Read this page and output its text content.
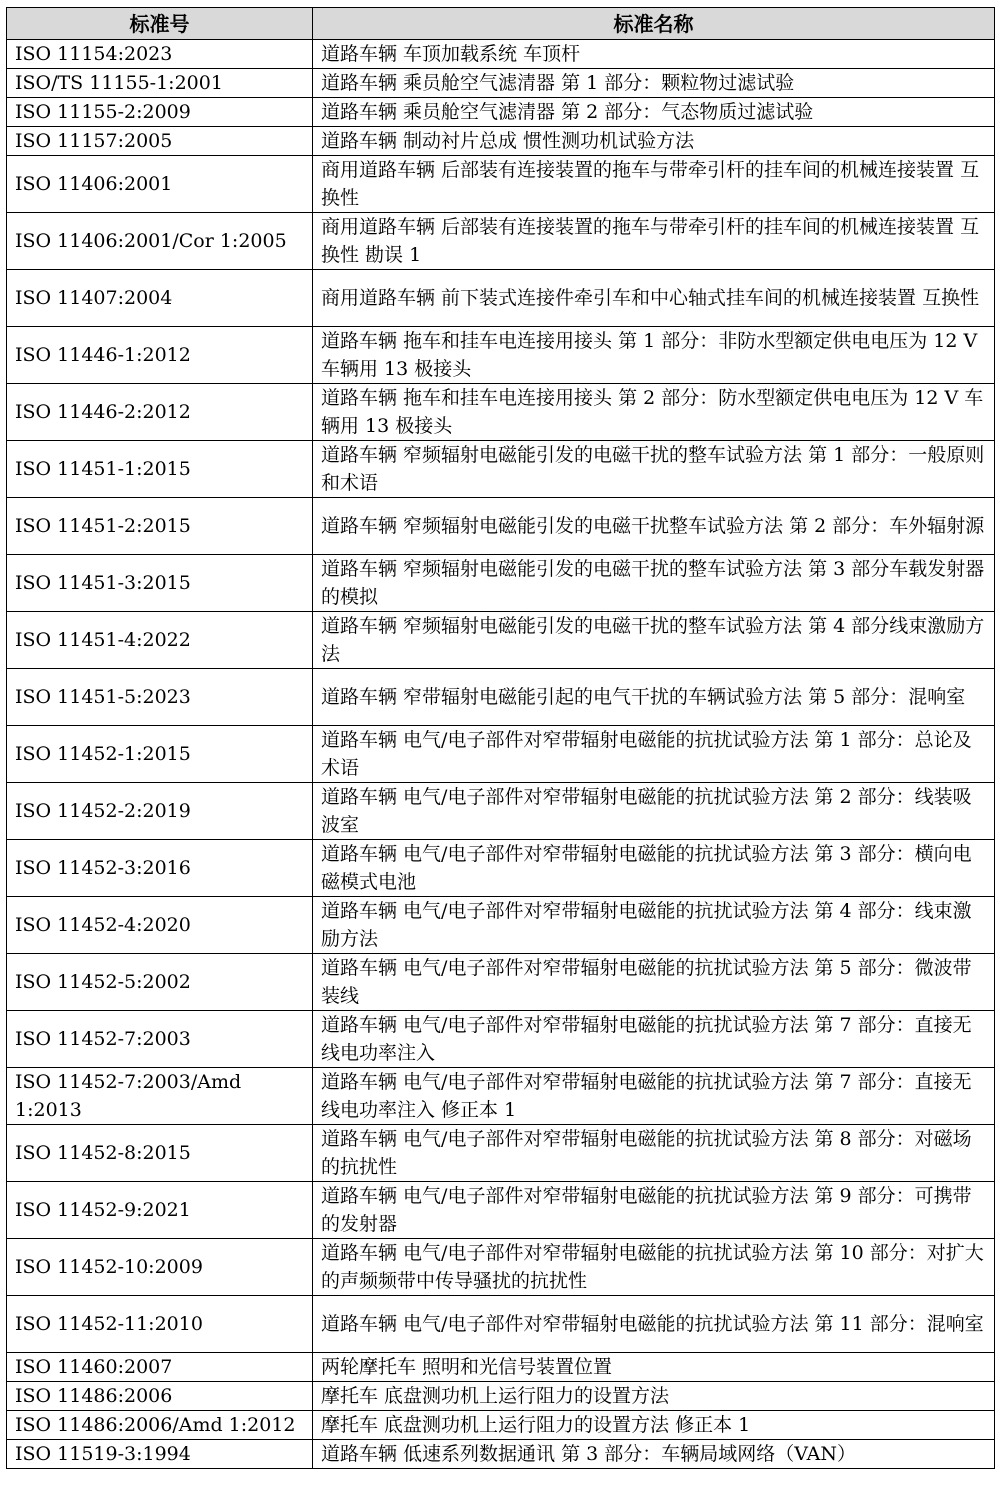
标准号	标准名称
ISO 11154:2023	道路车辆 车顶加载系统 车顶杆
ISO/TS 11155-1:2001	道路车辆 乘员舱空气滤清器 第 1 部分：颗粒物过滤试验
ISO 11155-2:2009	道路车辆 乘员舱空气滤清器 第 2 部分：气态物质过滤试验
ISO 11157:2005	道路车辆 制动衬片总成 惯性测功机试验方法
ISO 11406:2001	商用道路车辆 后部装有连接装置的拖车与带牵引杆的挂车间的机械连接装置 互换性
ISO 11406:2001/Cor 1:2005	商用道路车辆 后部装有连接装置的拖车与带牵引杆的挂车间的机械连接装置 互换性 勘误 1
ISO 11407:2004	商用道路车辆 前下装式连接件牵引车和中心轴式挂车间的机械连接装置 互换性
ISO 11446-1:2012	道路车辆 拖车和挂车电连接用接头 第 1 部分：非防水型额定供电电压为 12 V 车辆用 13 极接头
ISO 11446-2:2012	道路车辆 拖车和挂车电连接用接头 第 2 部分：防水型额定供电电压为 12 V 车辆用 13 极接头
ISO 11451-1:2015	道路车辆 窄频辐射电磁能引发的电磁干扰的整车试验方法 第 1 部分：一般原则和术语
ISO 11451-2:2015	道路车辆 窄频辐射电磁能引发的电磁干扰整车试验方法 第 2 部分：车外辐射源
ISO 11451-3:2015	道路车辆 窄频辐射电磁能引发的电磁干扰的整车试验方法 第 3 部分车载发射器的模拟
ISO 11451-4:2022	道路车辆 窄频辐射电磁能引发的电磁干扰的整车试验方法 第 4 部分线束激励方法
ISO 11451-5:2023	道路车辆 窄带辐射电磁能引起的电气干扰的车辆试验方法 第 5 部分：混响室
ISO 11452-1:2015	道路车辆 电气/电子部件对窄带辐射电磁能的抗扰试验方法 第 1 部分：总论及术语
ISO 11452-2:2019	道路车辆 电气/电子部件对窄带辐射电磁能的抗扰试验方法 第 2 部分：线装吸波室
ISO 11452-3:2016	道路车辆 电气/电子部件对窄带辐射电磁能的抗扰试验方法 第 3 部分：横向电磁模式电池
ISO 11452-4:2020	道路车辆 电气/电子部件对窄带辐射电磁能的抗扰试验方法 第 4 部分：线束激励方法
ISO 11452-5:2002	道路车辆 电气/电子部件对窄带辐射电磁能的抗扰试验方法 第 5 部分：微波带装线
ISO 11452-7:2003	道路车辆 电气/电子部件对窄带辐射电磁能的抗扰试验方法 第 7 部分：直接无线电功率注入
ISO 11452-7:2003/Amd 1:2013	道路车辆 电气/电子部件对窄带辐射电磁能的抗扰试验方法 第 7 部分：直接无线电功率注入 修正本 1
ISO 11452-8:2015	道路车辆 电气/电子部件对窄带辐射电磁能的抗扰试验方法 第 8 部分：对磁场的抗扰性
ISO 11452-9:2021	道路车辆 电气/电子部件对窄带辐射电磁能的抗扰试验方法 第 9 部分：可携带的发射器
ISO 11452-10:2009	道路车辆 电气/电子部件对窄带辐射电磁能的抗扰试验方法 第 10 部分：对扩大的声频频带中传导骚扰的抗扰性
ISO 11452-11:2010	道路车辆 电气/电子部件对窄带辐射电磁能的抗扰试验方法 第 11 部分：混响室
ISO 11460:2007	两轮摩托车 照明和光信号装置位置
ISO 11486:2006	摩托车 底盘测功机上运行阻力的设置方法
ISO 11486:2006/Amd 1:2012	摩托车 底盘测功机上运行阻力的设置方法 修正本 1
ISO 11519-3:1994	道路车辆 低速系列数据通讯 第 3 部分：车辆局域网络（VAN）
